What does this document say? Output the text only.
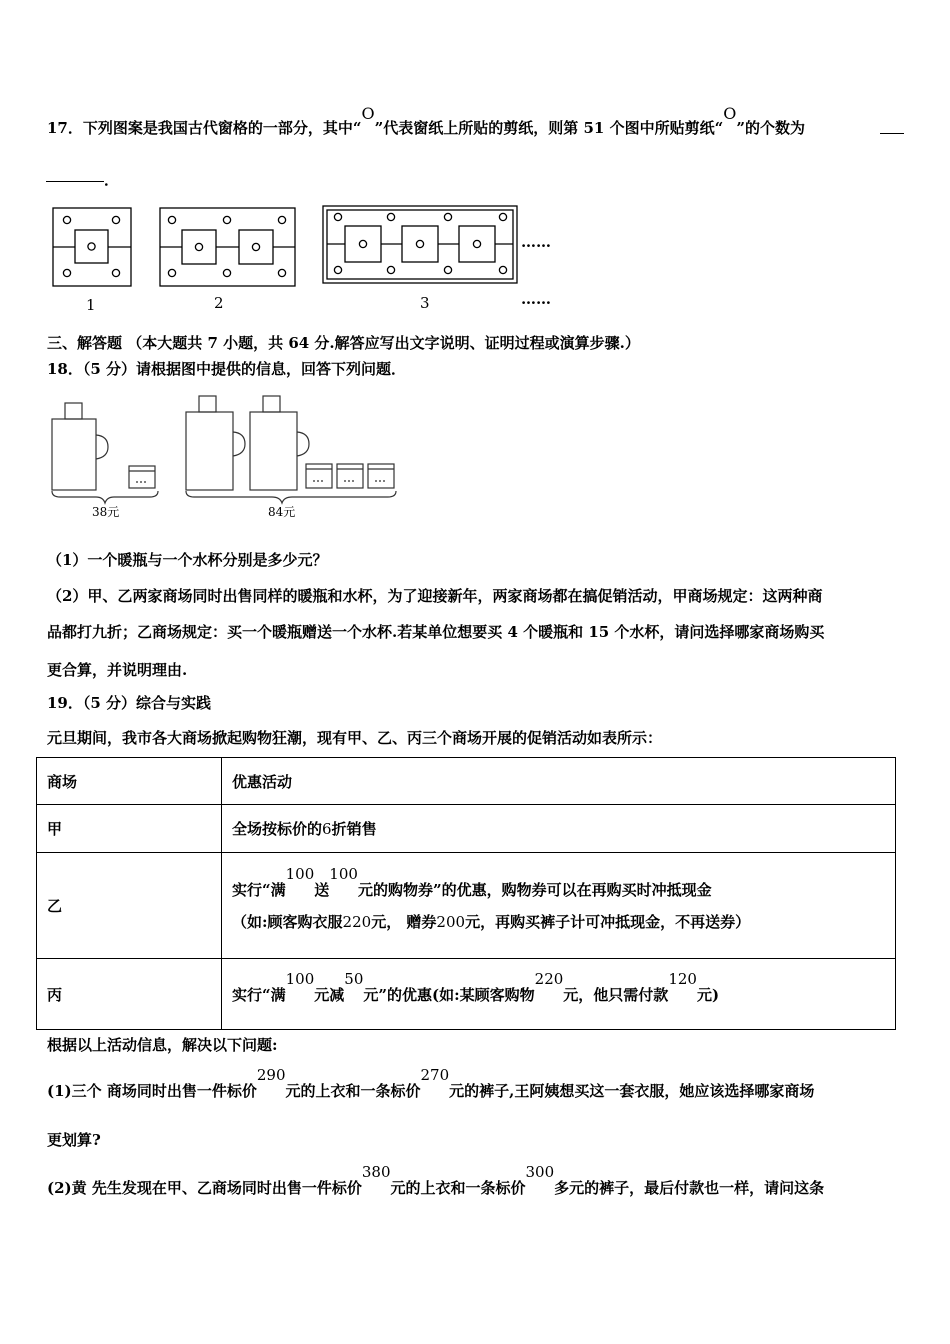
17．下列图案是我国古代窗格的一部分，其中“O”代表窗纸上所贴的剪纸，则第 51 个图中所贴剪纸“O”的个数为
．
1	2	3
……
……
三、解答题 （本大题共 7 小题，共 64 分.解答应写出文字说明、证明过程或演算步骤.）
18．（5 分）请根据图中提供的信息，回答下列问题．
38元	84元
（1）一个暖瓶与一个水杯分别是多少元？
（2）甲、乙两家商场同时出售同样的暖瓶和水杯，为了迎接新年，两家商场都在搞促销活动，甲商场规定：这两种商
品都打九折；乙商场规定：买一个暖瓶赠送一个水杯.若某单位想要买 4 个暖瓶和 15 个水杯，请问选择哪家商场购买
更合算，并说明理由.
19．（5 分）综合与实践
元旦期间，我市各大商场掀起购物狂潮，现有甲、乙、丙三个商场开展的促销活动如表所示：
商场	优惠活动
甲	全场按标价的6折销售
乙	实行“满100送100元的购物券”的优惠，购物券可以在再购买时冲抵现金
（如:顾客购衣服220元， 赠券200元，再购买裤子计可冲抵现金，不再送券）

丙	实行“满100元减50元”的优惠(如:某顾客购物220元，他只需付款120元)
根据以上活动信息，解决以下问题:
(1)三个 商场同时出售一件标价290元的上衣和一条标价270元的裤子,王阿姨想买这一套衣服，她应该选择哪家商场
更划算?
(2)黄 先生发现在甲、乙商场同时出售一件标价380元的上衣和一条标价300多元的裤子，最后付款也一样，请问这条
